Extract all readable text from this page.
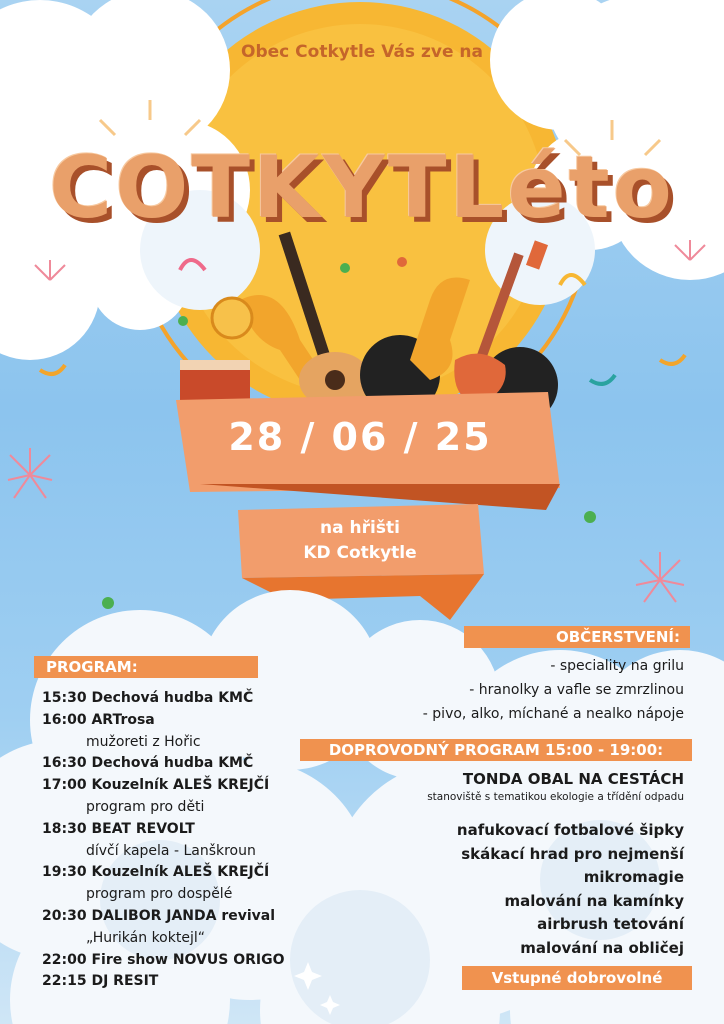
Obec Cotkytle Vás zve na
COTKYTLéto
28 / 06 / 25
na hřišti
KD Cotkytle
PROGRAM:
15:30 Dechová hudba KMČ
16:00 ARTrosa
mužoreti z Hořic
16:30 Dechová hudba KMČ
17:00 Kouzelník ALEŠ KREJČÍ
program pro děti
18:30 BEAT REVOLT
dívčí kapela - Lanškroun
19:30 Kouzelník ALEŠ KREJČÍ
program pro dospělé
20:30 DALIBOR JANDA revival
„Hurikán koktejl“
22:00 Fire show NOVUS ORIGO
22:15 DJ RESIT
OBČERSTVENÍ:
- speciality na grilu
- hranolky a vafle se zmrzlinou
- pivo, alko, míchané a nealko nápoje
DOPROVODNÝ PROGRAM 15:00 - 19:00:
TONDA OBAL NA CESTÁCH
stanoviště s tematikou ekologie a třídění odpadu
nafukovací fotbalové šipky
skákací hrad pro nejmenší
mikromagie
malování na kamínky
airbrush tetování
malování na obličej
Vstupné dobrovolné
